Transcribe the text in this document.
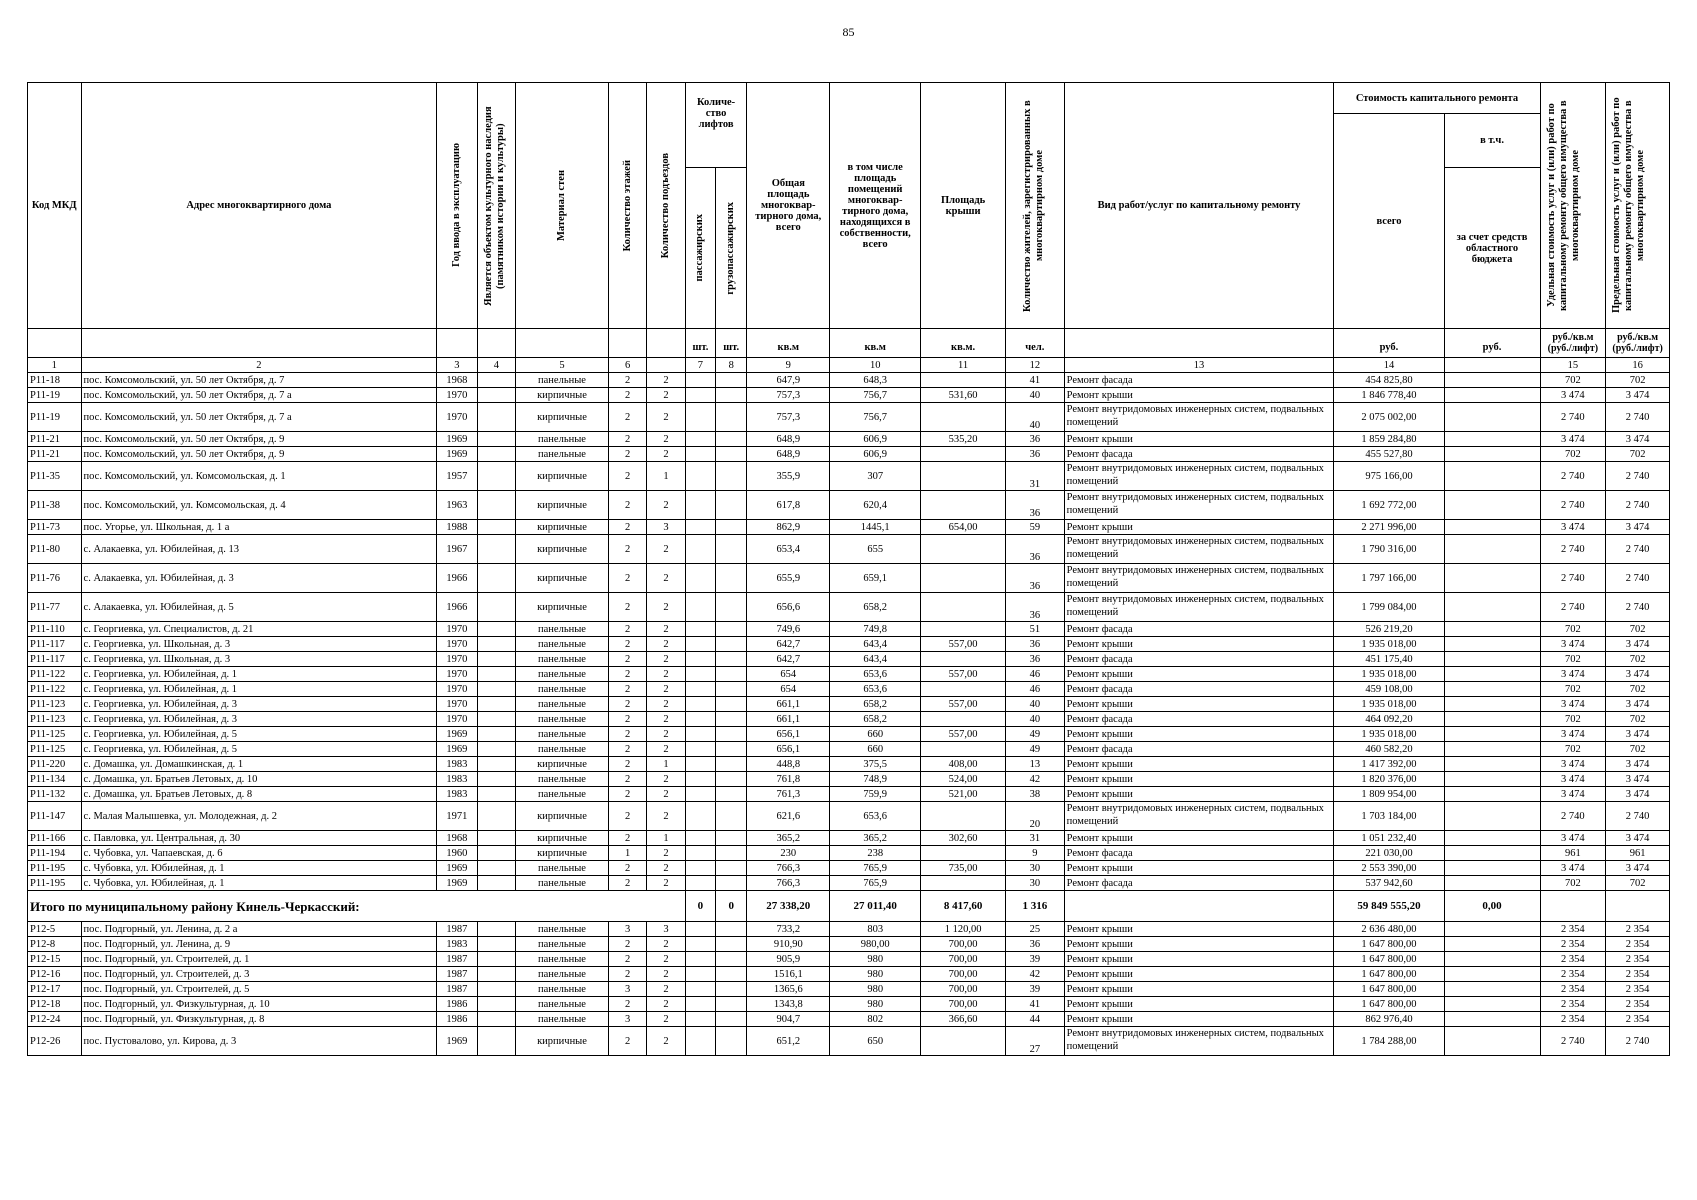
85
Код МКД	Адрес многоквартирного дома	Год ввода в эксплуатацию	Является объектом культурного наследия (памятником истории и культуры)	Материал стен	Количество этажей	Количество подъездов	Количе-ство лифтов		Общая площадь многоквар-тирного дома, всего	в том числе площадь помещений многоквар-тирного дома, находящихся в собственности, всего	Площадь крыши	Количество жителей, зарегистрированных в многоквартирном доме	Вид работ/услуг по капитальному ремонту	Стоимость капитального ремонта		Удельная стоимость услуг и (или) работ по капитальному ремонту общего имущества в многоквартирном доме	Предельная стоимость услуг и (или) работ по капитальному ремонту общего имущества в многоквартирном доме

														всего	в т.ч.		

							пассажирских	грузопассажирских							за счет средств областного бюджета		
							шт.	шт.	кв.м	кв.м	кв.м.	чел.		руб.	руб.	руб./кв.м (руб./лифт)	руб./кв.м (руб./лифт)
1	2	3	4	5	6		7	8	9	10	11	12	13	14		15	16
Р11-18	пос. Комсомольский, ул. 50 лет Октября, д. 7	1968		панельные	2	2			647,9	648,3		41	Ремонт фасада	454 825,80		702	702
Р11-19	пос. Комсомольский, ул. 50 лет Октября, д. 7 а	1970		кирпичные	2	2			757,3	756,7	531,60	40	Ремонт крыши	1 846 778,40		3 474	3 474
Р11-19	пос. Комсомольский, ул. 50 лет Октября, д. 7 а	1970		кирпичные	2	2			757,3	756,7		40	Ремонт внутридомовых инженерных систем, подвальных помещений	2 075 002,00		2 740	2 740
Р11-21	пос. Комсомольский, ул. 50 лет Октября, д. 9	1969		панельные	2	2			648,9	606,9	535,20	36	Ремонт крыши	1 859 284,80		3 474	3 474
Р11-21	пос. Комсомольский, ул. 50 лет Октября, д. 9	1969		панельные	2	2			648,9	606,9		36	Ремонт фасада	455 527,80		702	702
Р11-35	пос. Комсомольский, ул. Комсомольская, д. 1	1957		кирпичные	2	1			355,9	307		31	Ремонт внутридомовых инженерных систем, подвальных помещений	975 166,00		2 740	2 740
Р11-38	пос. Комсомольский, ул. Комсомольская, д. 4	1963		кирпичные	2	2			617,8	620,4		36	Ремонт внутридомовых инженерных систем, подвальных помещений	1 692 772,00		2 740	2 740
Р11-73	пос. Угорье, ул. Школьная, д. 1 а	1988		кирпичные	2	3			862,9	1445,1	654,00	59	Ремонт крыши	2 271 996,00		3 474	3 474
Р11-80	с. Алакаевка, ул. Юбилейная, д. 13	1967		кирпичные	2	2			653,4	655		36	Ремонт внутридомовых инженерных систем, подвальных помещений	1 790 316,00		2 740	2 740
Р11-76	с. Алакаевка, ул. Юбилейная, д. 3	1966		кирпичные	2	2			655,9	659,1		36	Ремонт внутридомовых инженерных систем, подвальных помещений	1 797 166,00		2 740	2 740
Р11-77	с. Алакаевка, ул. Юбилейная, д. 5	1966		кирпичные	2	2			656,6	658,2		36	Ремонт внутридомовых инженерных систем, подвальных помещений	1 799 084,00		2 740	2 740
Р11-110	с. Георгиевка, ул. Специалистов, д. 21	1970		панельные	2	2			749,6	749,8		51	Ремонт фасада	526 219,20		702	702
Р11-117	с. Георгиевка, ул. Школьная, д. 3	1970		панельные	2	2			642,7	643,4	557,00	36	Ремонт крыши	1 935 018,00		3 474	3 474
Р11-117	с. Георгиевка, ул. Школьная, д. 3	1970		панельные	2	2			642,7	643,4		36	Ремонт фасада	451 175,40		702	702
Р11-122	с. Георгиевка, ул. Юбилейная, д. 1	1970		панельные	2	2			654	653,6	557,00	46	Ремонт крыши	1 935 018,00		3 474	3 474
Р11-122	с. Георгиевка, ул. Юбилейная, д. 1	1970		панельные	2	2			654	653,6		46	Ремонт фасада	459 108,00		702	702
Р11-123	с. Георгиевка, ул. Юбилейная, д. 3	1970		панельные	2	2			661,1	658,2	557,00	40	Ремонт крыши	1 935 018,00		3 474	3 474
Р11-123	с. Георгиевка, ул. Юбилейная, д. 3	1970		панельные	2	2			661,1	658,2		40	Ремонт фасада	464 092,20		702	702
Р11-125	с. Георгиевка, ул. Юбилейная, д. 5	1969		панельные	2	2			656,1	660	557,00	49	Ремонт крыши	1 935 018,00		3 474	3 474
Р11-125	с. Георгиевка, ул. Юбилейная, д. 5	1969		панельные	2	2			656,1	660		49	Ремонт фасада	460 582,20		702	702
Р11-220	с. Домашка, ул. Домашкинская, д. 1	1983		кирпичные	2	1			448,8	375,5	408,00	13	Ремонт крыши	1 417 392,00		3 474	3 474
Р11-134	с. Домашка, ул. Братьев Летовых, д. 10	1983		панельные	2	2			761,8	748,9	524,00	42	Ремонт крыши	1 820 376,00		3 474	3 474
Р11-132	с. Домашка, ул. Братьев Летовых, д. 8	1983		панельные	2	2			761,3	759,9	521,00	38	Ремонт крыши	1 809 954,00		3 474	3 474
Р11-147	с. Малая Малышевка, ул. Молодежная, д. 2	1971		кирпичные	2	2			621,6	653,6		20	Ремонт внутридомовых инженерных систем, подвальных помещений	1 703 184,00		2 740	2 740
Р11-166	с. Павловка, ул. Центральная, д. 30	1968		кирпичные	2	1			365,2	365,2	302,60	31	Ремонт крыши	1 051 232,40		3 474	3 474
Р11-194	с. Чубовка, ул. Чапаевская, д. 6	1960		кирпичные	1	2			230	238		9	Ремонт фасада	221 030,00		961	961
Р11-195	с. Чубовка, ул. Юбилейная, д. 1	1969		панельные	2	2			766,3	765,9	735,00	30	Ремонт крыши	2 553 390,00		3 474	3 474
Р11-195	с. Чубовка, ул. Юбилейная, д. 1	1969		панельные	2	2			766,3	765,9		30	Ремонт фасада	537 942,60		702	702
Итого по муниципальному району Кинель-Черкасский:							0	0	27 338,20	27 011,40	8 417,60	1 316		59 849 555,20	0,00		
Р12-5	пос. Подгорный, ул. Ленина, д. 2 а	1987		панельные	3	3			733,2	803	1 120,00	25	Ремонт крыши	2 636 480,00		2 354	2 354
Р12-8	пос. Подгорный, ул. Ленина, д. 9	1983		панельные	2	2			910,90	980,00	700,00	36	Ремонт крыши	1 647 800,00		2 354	2 354
Р12-15	пос. Подгорный, ул. Строителей, д. 1	1987		панельные	2	2			905,9	980	700,00	39	Ремонт крыши	1 647 800,00		2 354	2 354
Р12-16	пос. Подгорный, ул. Строителей, д. 3	1987		панельные	2	2			1516,1	980	700,00	42	Ремонт крыши	1 647 800,00		2 354	2 354
Р12-17	пос. Подгорный, ул. Строителей, д. 5	1987		панельные	3	2			1365,6	980	700,00	39	Ремонт крыши	1 647 800,00		2 354	2 354
Р12-18	пос. Подгорный, ул. Физкультурная, д. 10	1986		панельные	2	2			1343,8	980	700,00	41	Ремонт крыши	1 647 800,00		2 354	2 354
Р12-24	пос. Подгорный, ул. Физкультурная, д. 8	1986		панельные	3	2			904,7	802	366,60	44	Ремонт крыши	862 976,40		2 354	2 354
Р12-26	пос. Пустовалово, ул. Кирова, д. 3	1969		кирпичные	2	2			651,2	650		27	Ремонт внутридомовых инженерных систем, подвальных помещений	1 784 288,00		2 740	2 740
